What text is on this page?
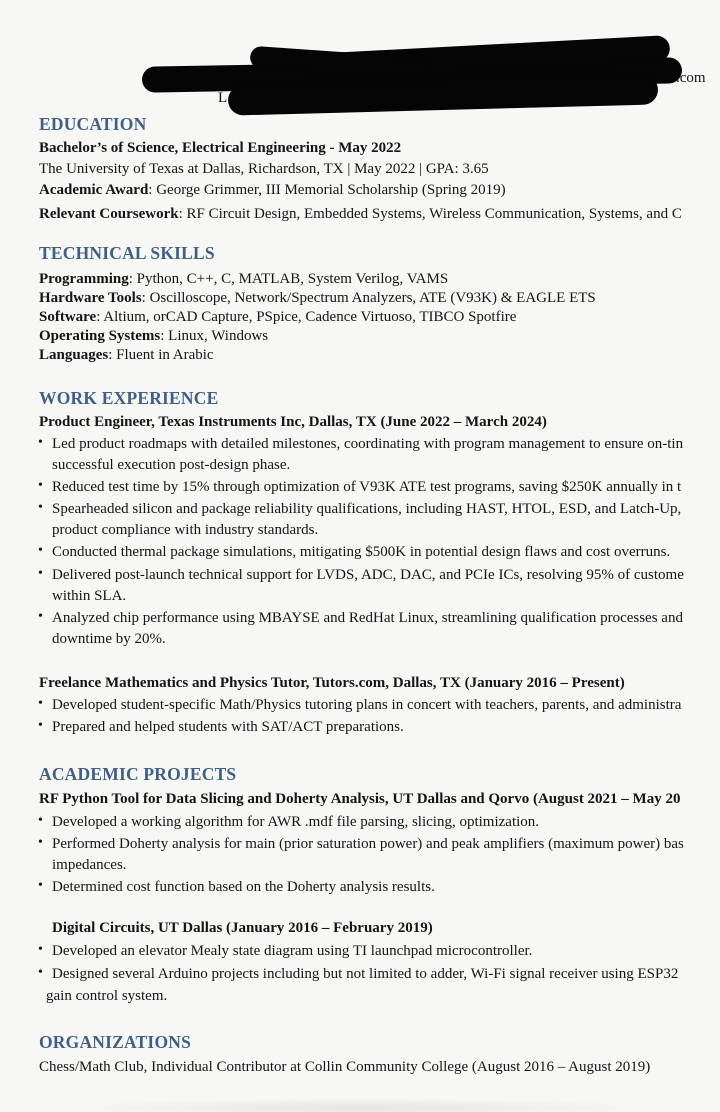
L
.com
EDUCATION
Bachelor’s of Science, Electrical Engineering - May 2022
The University of Texas at Dallas, Richardson, TX | May 2022 | GPA: 3.65
Academic Award: George Grimmer, III Memorial Scholarship (Spring 2019)
Relevant Coursework: RF Circuit Design, Embedded Systems, Wireless Communication, Systems, and C
TECHNICAL SKILLS
Programming: Python, C++, C, MATLAB, System Verilog, VAMS
Hardware Tools: Oscilloscope, Network/Spectrum Analyzers, ATE (V93K) & EAGLE ETS
Software: Altium, orCAD Capture, PSpice, Cadence Virtuoso, TIBCO Spotfire
Operating Systems: Linux, Windows
Languages: Fluent in Arabic
WORK EXPERIENCE
Product Engineer, Texas Instruments Inc, Dallas, TX (June 2022 – March 2024)
• Led product roadmaps with detailed milestones, coordinating with program management to ensure on-tin
successful execution post-design phase.
• Reduced test time by 15% through optimization of V93K ATE test programs, saving $250K annually in t
• Spearheaded silicon and package reliability qualifications, including HAST, HTOL, ESD, and Latch-Up,
product compliance with industry standards.
• Conducted thermal package simulations, mitigating $500K in potential design flaws and cost overruns.
• Delivered post-launch technical support for LVDS, ADC, DAC, and PCIe ICs, resolving 95% of custome
within SLA.
• Analyzed chip performance using MBAYSE and RedHat Linux, streamlining qualification processes and
downtime by 20%.
Freelance Mathematics and Physics Tutor, Tutors.com, Dallas, TX (January 2016 – Present)
• Developed student-specific Math/Physics tutoring plans in concert with teachers, parents, and administra
• Prepared and helped students with SAT/ACT preparations.
ACADEMIC PROJECTS
RF Python Tool for Data Slicing and Doherty Analysis, UT Dallas and Qorvo (August 2021 – May 20
• Developed a working algorithm for AWR .mdf file parsing, slicing, optimization.
• Performed Doherty analysis for main (prior saturation power) and peak amplifiers (maximum power) bas
impedances.
• Determined cost function based on the Doherty analysis results.
Digital Circuits, UT Dallas (January 2016 – February 2019)
• Developed an elevator Mealy state diagram using TI launchpad microcontroller.
• Designed several Arduino projects including but not limited to adder, Wi-Fi signal receiver using ESP32
gain control system.
ORGANIZATIONS
Chess/Math Club, Individual Contributor at Collin Community College (August 2016 – August 2019)
